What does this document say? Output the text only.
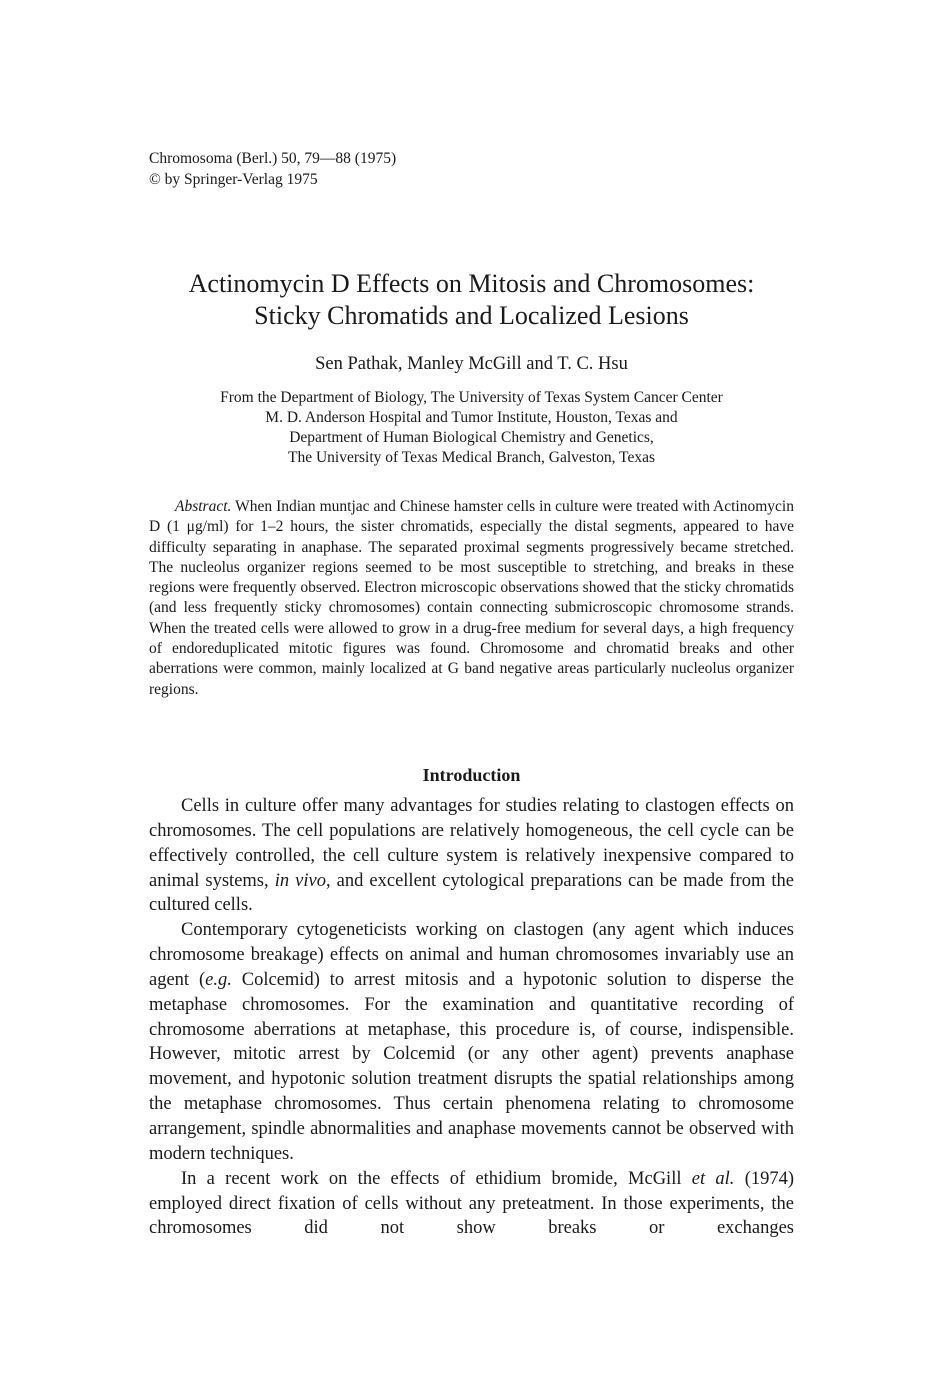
Chromosoma (Berl.) 50, 79—88 (1975)
© by Springer-Verlag 1975
Actinomycin D Effects on Mitosis and Chromosomes:
Sticky Chromatids and Localized Lesions
Sen Pathak, Manley McGill and T. C. Hsu
From the Department of Biology, The University of Texas System Cancer Center
M. D. Anderson Hospital and Tumor Institute, Houston, Texas and
Department of Human Biological Chemistry and Genetics,
The University of Texas Medical Branch, Galveston, Texas

Abstract. When Indian muntjac and Chinese hamster cells in culture were treated with Actinomycin D (1 μg/ml) for 1–2 hours, the sister chromatids, especially the distal segments, appeared to have difficulty separating in anaphase. The separated proximal segments progressively became stretched. The nucleolus organizer regions seemed to be most susceptible to stretching, and breaks in these regions were frequently observed. Electron microscopic observations showed that the sticky chromatids (and less frequently sticky chromosomes) contain connecting submicroscopic chromosome strands. When the treated cells were allowed to grow in a drug-free medium for several days, a high frequency of endoreduplicated mitotic figures was found. Chromosome and chromatid breaks and other aberrations were common, mainly localized at G band negative areas particularly nucleolus organizer regions.

Introduction

Cells in culture offer many advantages for studies relating to clastogen effects on chromosomes. The cell populations are relatively homogeneous, the cell cycle can be effectively controlled, the cell culture system is relatively inexpensive compared to animal systems, in vivo, and excellent cytological preparations can be made from the cultured cells.

Contemporary cytogeneticists working on clastogen (any agent which induces chromosome breakage) effects on animal and human chromosomes invariably use an agent (e.g. Colcemid) to arrest mitosis and a hypotonic solution to disperse the metaphase chromosomes. For the examination and quantitative recording of chromosome aberrations at metaphase, this procedure is, of course, indispensible. However, mitotic arrest by Colcemid (or any other agent) prevents anaphase movement, and hypotonic solution treatment disrupts the spatial relationships among the metaphase chromosomes. Thus certain phenomena relating to chromosome arrangement, spindle abnormalities and anaphase movements cannot be observed with modern techniques.

In a recent work on the effects of ethidium bromide, McGill et al. (1974) employed direct fixation of cells without any preteatment. In those experiments, the chromosomes did not show breaks or exchanges
